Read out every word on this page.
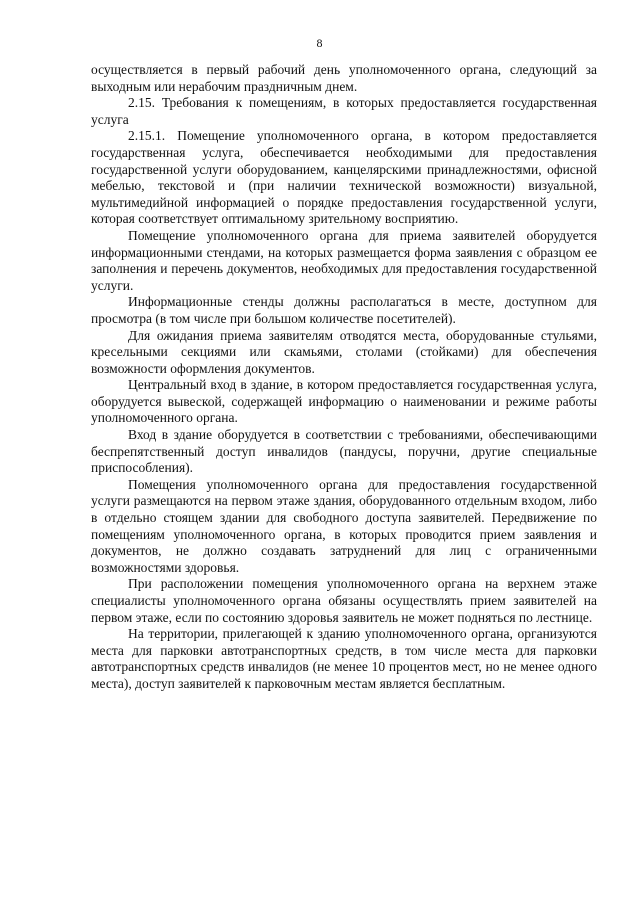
8

осуществляется в первый рабочий день уполномоченного органа, следующий за выходным или нерабочим праздничным днем.

2.15. Требования к помещениям, в которых предоставляется государственная услуга

2.15.1. Помещение уполномоченного органа, в котором предоставляется государственная услуга, обеспечивается необходимыми для предоставления государственной услуги оборудованием, канцелярскими принадлежностями, офисной мебелью, текстовой и (при наличии технической возможности) визуальной, мультимедийной информацией о порядке предоставления государственной услуги, которая соответствует оптимальному зрительному восприятию.

Помещение уполномоченного органа для приема заявителей оборудуется информационными стендами, на которых размещается форма заявления с образцом ее заполнения и перечень документов, необходимых для предоставления государственной услуги.

Информационные стенды должны располагаться в месте, доступном для просмотра (в том числе при большом количестве посетителей).

Для ожидания приема заявителям отводятся места, оборудованные стульями, кресельными секциями или скамьями, столами (стойками) для обеспечения возможности оформления документов.

Центральный вход в здание, в котором предоставляется государственная услуга, оборудуется вывеской, содержащей информацию о наименовании и режиме работы уполномоченного органа.

Вход в здание оборудуется в соответствии с требованиями, обеспечивающими беспрепятственный доступ инвалидов (пандусы, поручни, другие специальные приспособления).

Помещения уполномоченного органа для предоставления государственной услуги размещаются на первом этаже здания, оборудованного отдельным входом, либо в отдельно стоящем здании для свободного доступа заявителей. Передвижение по помещениям уполномоченного органа, в которых проводится прием заявления и документов, не должно создавать затруднений для лиц с ограниченными возможностями здоровья.

При расположении помещения уполномоченного органа на верхнем этаже специалисты уполномоченного органа обязаны осуществлять прием заявителей на первом этаже, если по состоянию здоровья заявитель не может подняться по лестнице.

На территории, прилегающей к зданию уполномоченного органа, организуются места для парковки автотранспортных средств, в том числе места для парковки автотранспортных средств инвалидов (не менее 10 процентов мест, но не менее одного места), доступ заявителей к парковочным местам является бесплатным.
